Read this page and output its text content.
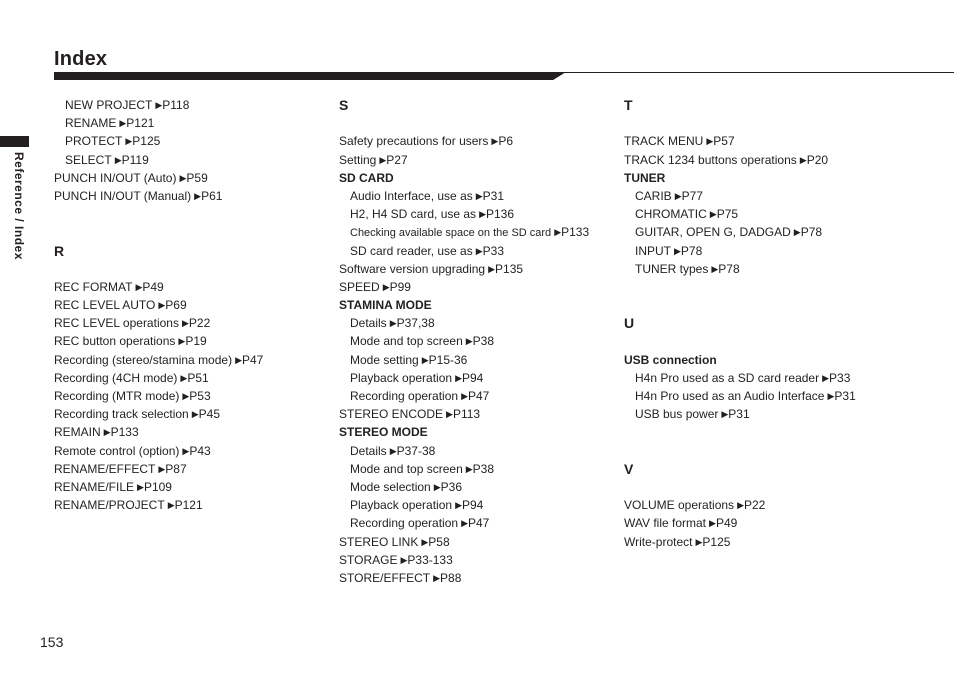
Index
Reference / Index
NEW PROJECT ▶P118
RENAME ▶P121
PROTECT ▶P125
SELECT ▶P119
PUNCH IN/OUT (Auto) ▶P59
PUNCH IN/OUT (Manual) ▶P61
R
REC FORMAT ▶P49
REC LEVEL AUTO ▶P69
REC LEVEL operations ▶P22
REC button operations ▶P19
Recording (stereo/stamina mode) ▶P47
Recording (4CH mode) ▶P51
Recording (MTR mode) ▶P53
Recording track selection ▶P45
REMAIN ▶P133
Remote control (option) ▶P43
RENAME/EFFECT ▶P87
RENAME/FILE ▶P109
RENAME/PROJECT ▶P121
S
Safety precautions for users ▶P6
Setting ▶P27
SD CARD
Audio Interface, use as ▶P31
H2, H4 SD card, use as ▶P136
Checking available space on the SD card ▶P133
SD card reader, use as ▶P33
Software version upgrading ▶P135
SPEED ▶P99
STAMINA MODE
Details ▶P37,38
Mode and top screen ▶P38
Mode setting ▶P15-36
Playback operation ▶P94
Recording operation ▶P47
STEREO ENCODE ▶P113
STEREO MODE
Details ▶P37-38
Mode and top screen ▶P38
Mode selection ▶P36
Playback operation ▶P94
Recording operation ▶P47
STEREO LINK ▶P58
STORAGE ▶P33-133
STORE/EFFECT ▶P88
T
TRACK MENU ▶P57
TRACK 1234 buttons operations ▶P20
TUNER
CARIB ▶P77
CHROMATIC ▶P75
GUITAR, OPEN G, DADGAD ▶P78
INPUT ▶P78
TUNER types ▶P78
U
USB connection
H4n Pro used as a SD card reader ▶P33
H4n Pro used as an Audio Interface ▶P31
USB bus power ▶P31
V
VOLUME operations ▶P22
WAV file format ▶P49
Write-protect ▶P125
153
